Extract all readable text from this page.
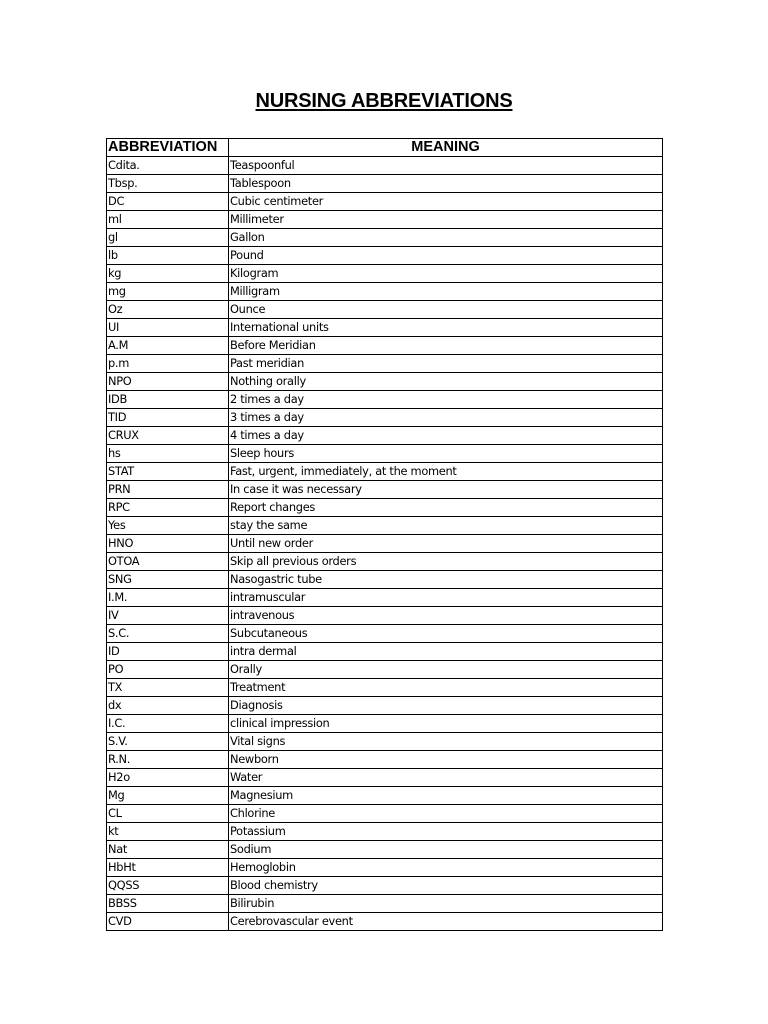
NURSING ABBREVIATIONS
ABBREVIATION	MEANING
Cdita.	Teaspoonful
Tbsp.	Tablespoon
DC	Cubic centimeter
ml	Millimeter
gl	Gallon
lb	Pound
kg	Kilogram
mg	Milligram
Oz	Ounce
UI	International units
A.M	Before Meridian
p.m	Past meridian
NPO	Nothing orally
IDB	2 times a day
TID	3 times a day
CRUX	4 times a day
hs	Sleep hours
STAT	Fast, urgent, immediately, at the moment
PRN	In case it was necessary
RPC	Report changes
Yes	stay the same
HNO	Until new order
OTOA	Skip all previous orders
SNG	Nasogastric tube
I.M.	intramuscular
IV	intravenous
S.C.	Subcutaneous
ID	intra dermal
PO	Orally
TX	Treatment
dx	Diagnosis
I.C.	clinical impression
S.V.	Vital signs
R.N.	Newborn
H2o	Water
Mg	Magnesium
CL	Chlorine
kt	Potassium
Nat	Sodium
HbHt	Hemoglobin
QQSS	Blood chemistry
BBSS	Bilirubin
CVD	Cerebrovascular event
